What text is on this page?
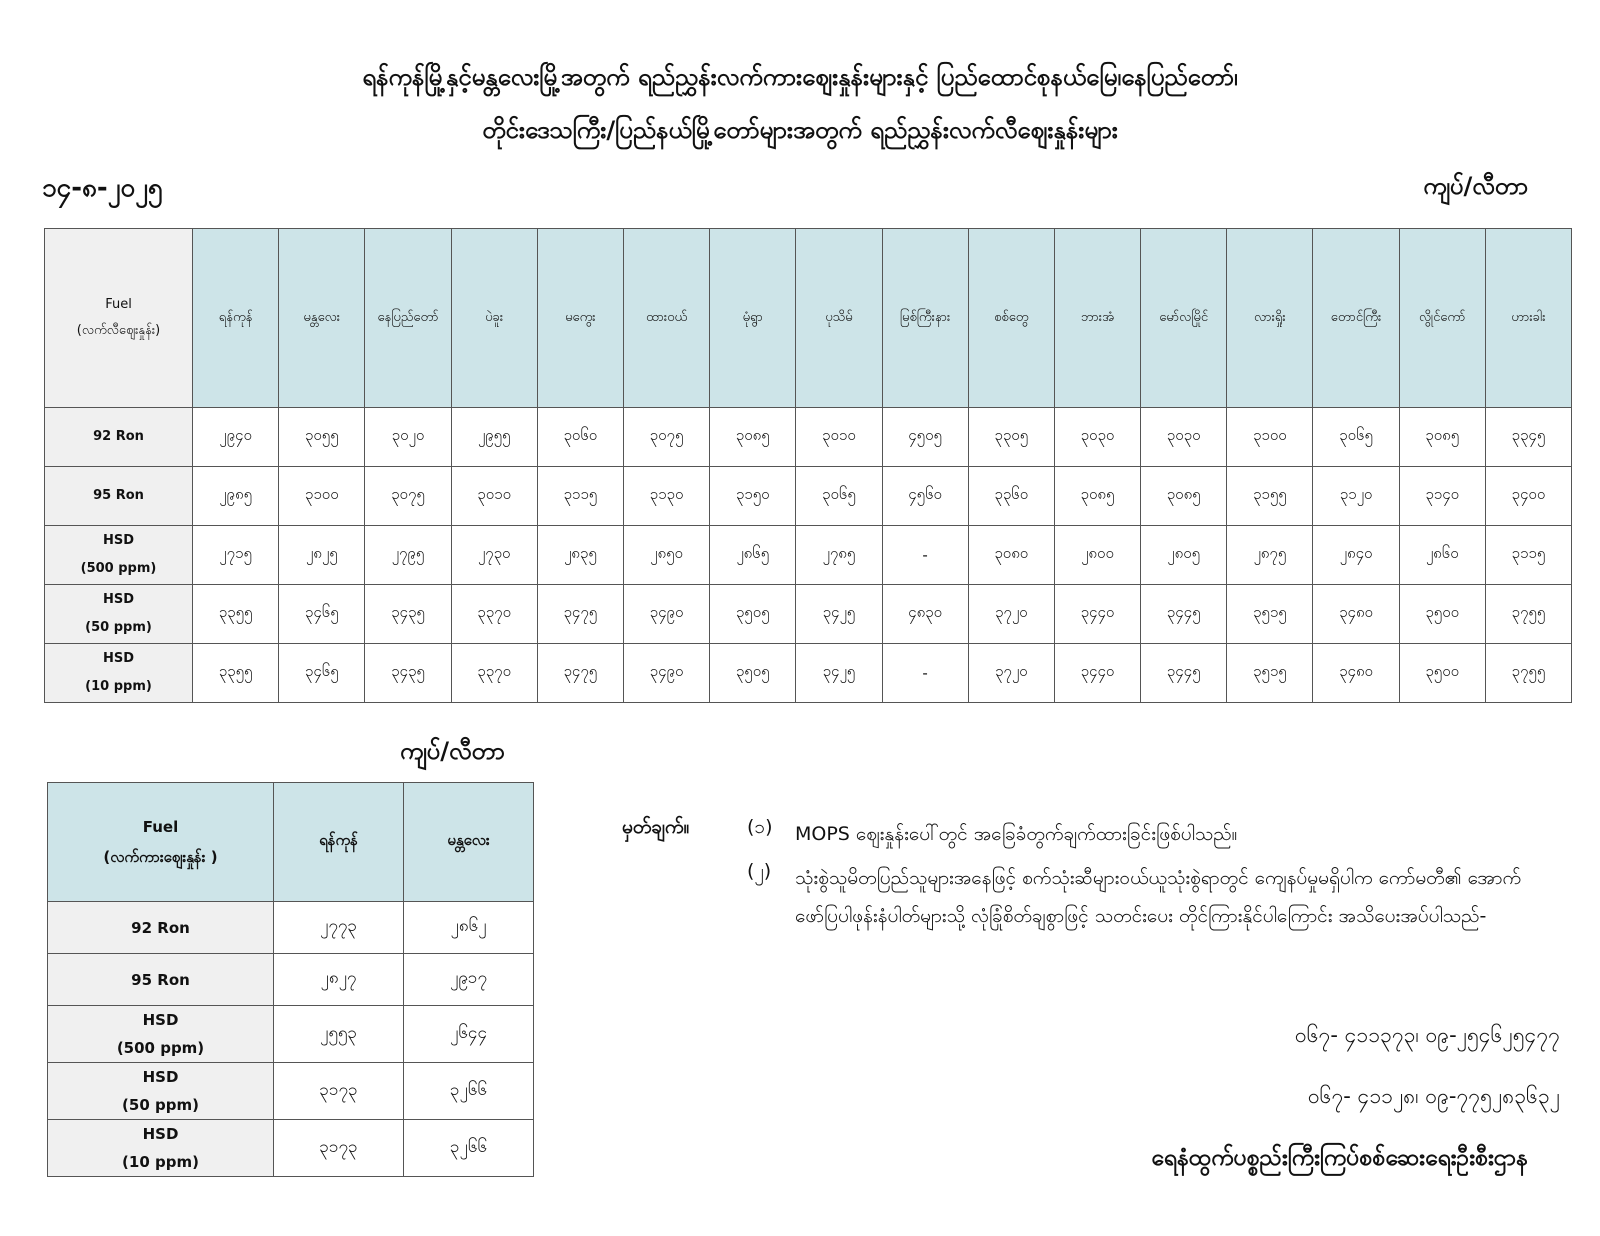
ရန်ကုန်မြို့နှင့်မန္တလေးမြို့အတွက် ရည်ညွှန်းလက်ကားဈေးနှုန်းများနှင့် ပြည်ထောင်စုနယ်မြေ၊နေပြည်တော်၊
တိုင်းဒေသကြီး/ပြည်နယ်မြို့တော်များအတွက် ရည်ညွှန်းလက်လီဈေးနှုန်းများ
၁၄-၈-၂၀၂၅	ကျပ်/လီတာ
Fuel
(လက်လီဈေးနှုန်း)	ရန်ကုန်	မန္တလေး	နေပြည်တော်	ပဲခူး	မကွေး	ထားဝယ်	မုံရွာ	ပုသိမ်	မြစ်ကြီးနား	စစ်တွေ	ဘားအံ	မော်လမြိုင်	လားရှိုး	တောင်ကြီး	လွိုင်ကော်	ဟားခါး
92 Ron	၂၉၄၀	၃၀၅၅	၃၀၂၀	၂၉၅၅	၃၀၆၀	၃၀၇၅	၃၀၈၅	၃၀၁၀	၄၅၀၅	၃၃၀၅	၃၀၃၀	၃၀၃၀	၃၁၀၀	၃၀၆၅	၃၀၈၅	၃၃၄၅
95 Ron	၂၉၈၅	၃၁၀၀	၃၀၇၅	၃၀၁၀	၃၁၁၅	၃၁၃၀	၃၁၅၀	၃၀၆၅	၄၅၆၀	၃၃၆၀	၃၀၈၅	၃၀၈၅	၃၁၅၅	၃၁၂၀	၃၁၄၀	၃၄၀၀
HSD
(500 ppm)	၂၇၁၅	၂၈၂၅	၂၇၉၅	၂၇၃၀	၂၈၃၅	၂၈၅၀	၂၈၆၅	၂၇၈၅	-	၃၀၈၀	၂၈၀၀	၂၈၀၅	၂၈၇၅	၂၈၄၀	၂၈၆၀	၃၁၁၅
HSD
(50 ppm)	၃၃၅၅	၃၄၆၅	၃၄၃၅	၃၃၇၀	၃၄၇၅	၃၄၉၀	၃၅၀၅	၃၄၂၅	၄၈၃၀	၃၇၂၀	၃၄၄၀	၃၄၄၅	၃၅၁၅	၃၄၈၀	၃၅၀၀	၃၇၅၅
HSD
(10 ppm)	၃၃၅၅	၃၄၆၅	၃၄၃၅	၃၃၇၀	၃၄၇၅	၃၄၉၀	၃၅၀၅	၃၄၂၅	-	၃၇၂၀	၃၄၄၀	၃၄၄၅	၃၅၁၅	၃၄၈၀	၃၅၀၀	၃၇၅၅
ကျပ်/လီတာ
Fuel
(လက်ကားဈေးနှုန်း )	ရန်ကုန်	မန္တလေး
92 Ron	၂၇၇၃	၂၈၆၂
95 Ron	၂၈၂၇	၂၉၁၇
HSD
(500 ppm)	၂၅၅၃	၂၆၄၄
HSD
(50 ppm)	၃၁၇၃	၃၂၆၆
HSD
(10 ppm)	၃၁၇၃	၃၂၆၆
မှတ်ချက်။	(၁) MOPS ဈေးနှုန်းပေါ်တွင် အခြေခံတွက်ချက်ထားခြင်းဖြစ်ပါသည်။
(၂) သုံးစွဲသူမိတပြည်သူများအနေဖြင့် စက်သုံးဆီများဝယ်ယူသုံးစွဲရာတွင် ကျေနပ်မှုမရှိပါက ကော်မတီ၏ အောက်ဖော်ပြပါဖုန်းနံပါတ်များသို့ လုံခြုံစိတ်ချစွာဖြင့် သတင်းပေး တိုင်ကြားနိုင်ပါကြောင်း အသိပေးအပ်ပါသည်-
၀၆၇- ၄၁၁၃၇၃၊ ၀၉-၂၅၄၆၂၅၄၇၇
၀၆၇- ၄၁၁၂၈၊ ၀၉-၇၇၅၂၈၃၆၃၂
ရေနံထွက်ပစ္စည်းကြီးကြပ်စစ်ဆေးရေးဦးစီးဌာန
